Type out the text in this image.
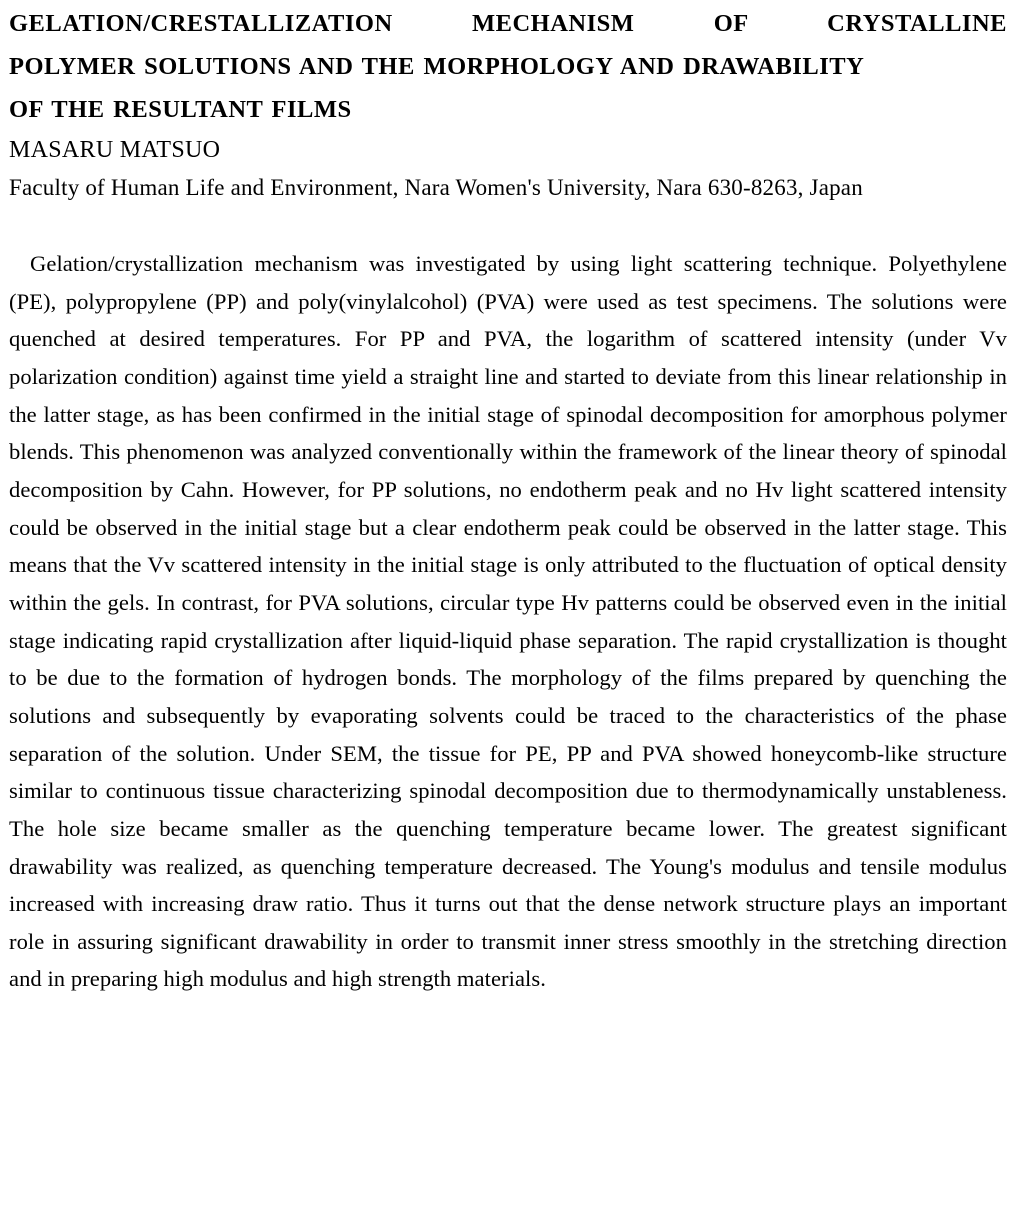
GELATION/CRESTALLIZATION MECHANISM OF CRYSTALLINE
POLYMER SOLUTIONS AND THE MORPHOLOGY AND DRAWABILITY
OF THE RESULTANT FILMS

MASARU MATSUO

Faculty of Human Life and Environment, Nara Women's University, Nara 630-8263, Japan

Gelation/crystallization mechanism was investigated by using light scattering technique. Polyethylene (PE), polypropylene (PP) and poly(vinylalcohol) (PVA) were used as test specimens. The solutions were quenched at desired temperatures. For PP and PVA, the logarithm of scattered intensity (under Vv polarization condition) against time yield a straight line and started to deviate from this linear relationship in the latter stage, as has been confirmed in the initial stage of spinodal decomposition for amorphous polymer blends. This phenomenon was analyzed conventionally within the framework of the linear theory of spinodal decomposition by Cahn. However, for PP solutions, no endotherm peak and no Hv light scattered intensity could be observed in the initial stage but a clear endotherm peak could be observed in the latter stage. This means that the Vv scattered intensity in the initial stage is only attributed to the fluctuation of optical density within the gels. In contrast, for PVA solutions, circular type Hv patterns could be observed even in the initial stage indicating rapid crystallization after liquid-liquid phase separation. The rapid crystallization is thought to be due to the formation of hydrogen bonds. The morphology of the films prepared by quenching the solutions and subsequently by evaporating solvents could be traced to the characteristics of the phase separation of the solution. Under SEM, the tissue for PE, PP and PVA showed honeycomb-like structure similar to continuous tissue characterizing spinodal decomposition due to thermodynamically unstableness. The hole size became smaller as the quenching temperature became lower. The greatest significant drawability was realized, as quenching temperature decreased. The Young's modulus and tensile modulus increased with increasing draw ratio. Thus it turns out that the dense network structure plays an important role in assuring significant drawability in order to transmit inner stress smoothly in the stretching direction and in preparing high modulus and high strength materials.
